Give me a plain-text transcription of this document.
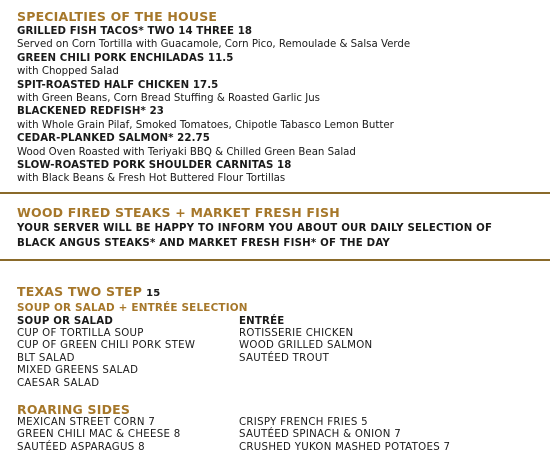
SPECIALTIES OF THE HOUSE
GRILLED FISH TACOS* TWO 14 THREE 18
Served on Corn Tortilla with Guacamole, Corn Pico, Remoulade & Salsa Verde
GREEN CHILI PORK ENCHILADAS 11.5
with Chopped Salad
SPIT-ROASTED HALF CHICKEN 17.5
with Green Beans, Corn Bread Stuffing & Roasted Garlic Jus
BLACKENED REDFISH* 23
with Whole Grain Pilaf, Smoked Tomatoes, Chipotle Tabasco Lemon Butter
CEDAR-PLANKED SALMON* 22.75
Wood Oven Roasted with Teriyaki BBQ & Chilled Green Bean Salad
SLOW-ROASTED PORK SHOULDER CARNITAS 18
with Black Beans & Fresh Hot Buttered Flour Tortillas
WOOD FIRED STEAKS + MARKET FRESH FISH
YOUR SERVER WILL BE HAPPY TO INFORM YOU ABOUT OUR DAILY SELECTION OF
BLACK ANGUS STEAKS* AND MARKET FRESH FISH* OF THE DAY
TEXAS TWO STEP 15
SOUP OR SALAD + ENTRÉE SELECTION
SOUP OR SALAD
CUP OF TORTILLA SOUP
CUP OF GREEN CHILI PORK STEW
BLT SALAD
MIXED GREENS SALAD
CAESAR SALAD
ENTRÉE
ROTISSERIE CHICKEN
WOOD GRILLED SALMON
SAUTÉED TROUT
ROARING SIDES
MEXICAN STREET CORN 7
GREEN CHILI MAC & CHEESE 8
SAUTÉED ASPARAGUS 8
CRISPY FRENCH FRIES 5
SAUTÉED SPINACH & ONION 7
CRUSHED YUKON MASHED POTATOES 7
